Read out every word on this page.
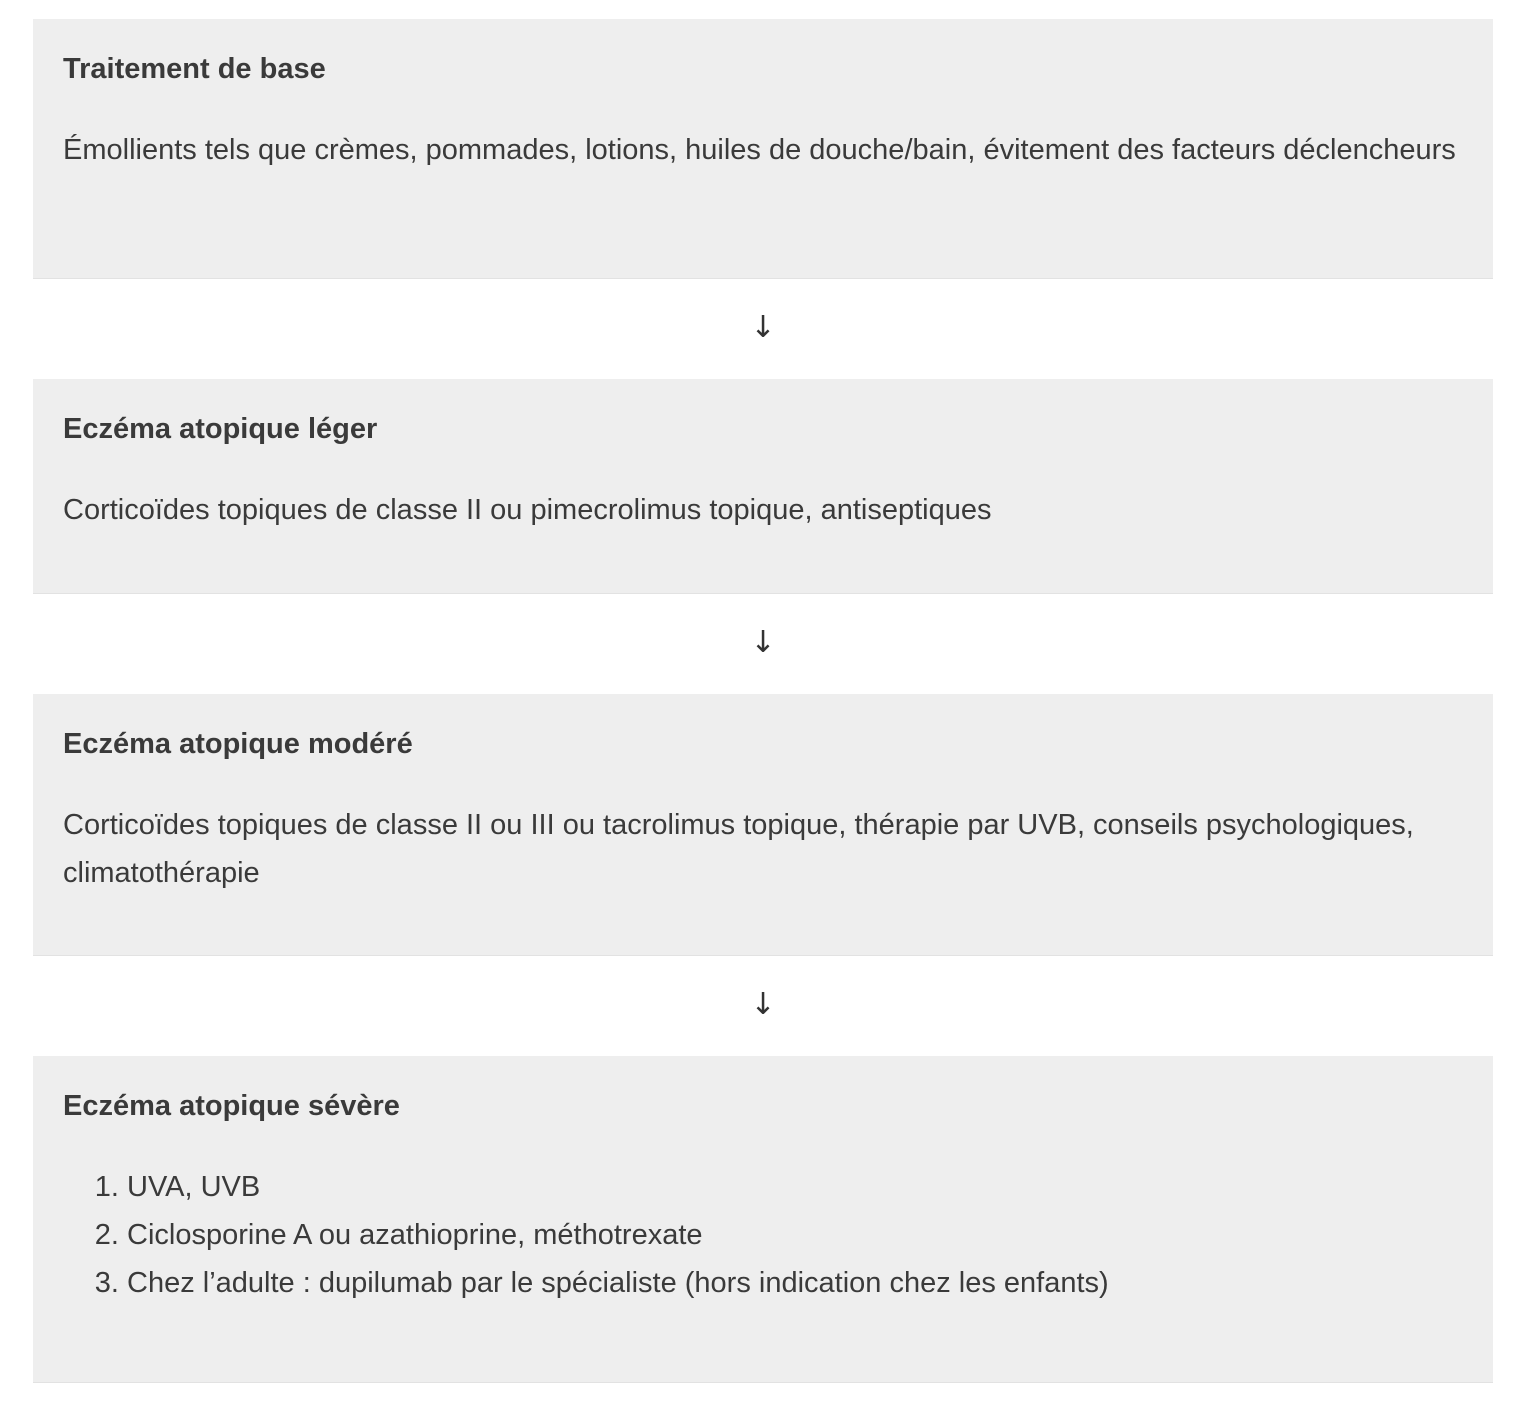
Traitement de base

Émollients tels que crèmes, pommades, lotions, huiles de douche/bain, évitement des facteurs déclencheurs

↓
Eczéma atopique léger

Corticoïdes topiques de classe II ou pimecrolimus topique, antiseptiques

↓
Eczéma atopique modéré

Corticoïdes topiques de classe II ou III ou tacrolimus topique, thérapie par UVB, conseils psychologiques, climatothérapie

↓
Eczéma atopique sévère
1. UVA, UVB
2. Ciclosporine A ou azathioprine, méthotrexate
3. Chez l’adulte : dupilumab par le spécialiste (hors indication chez les enfants)
